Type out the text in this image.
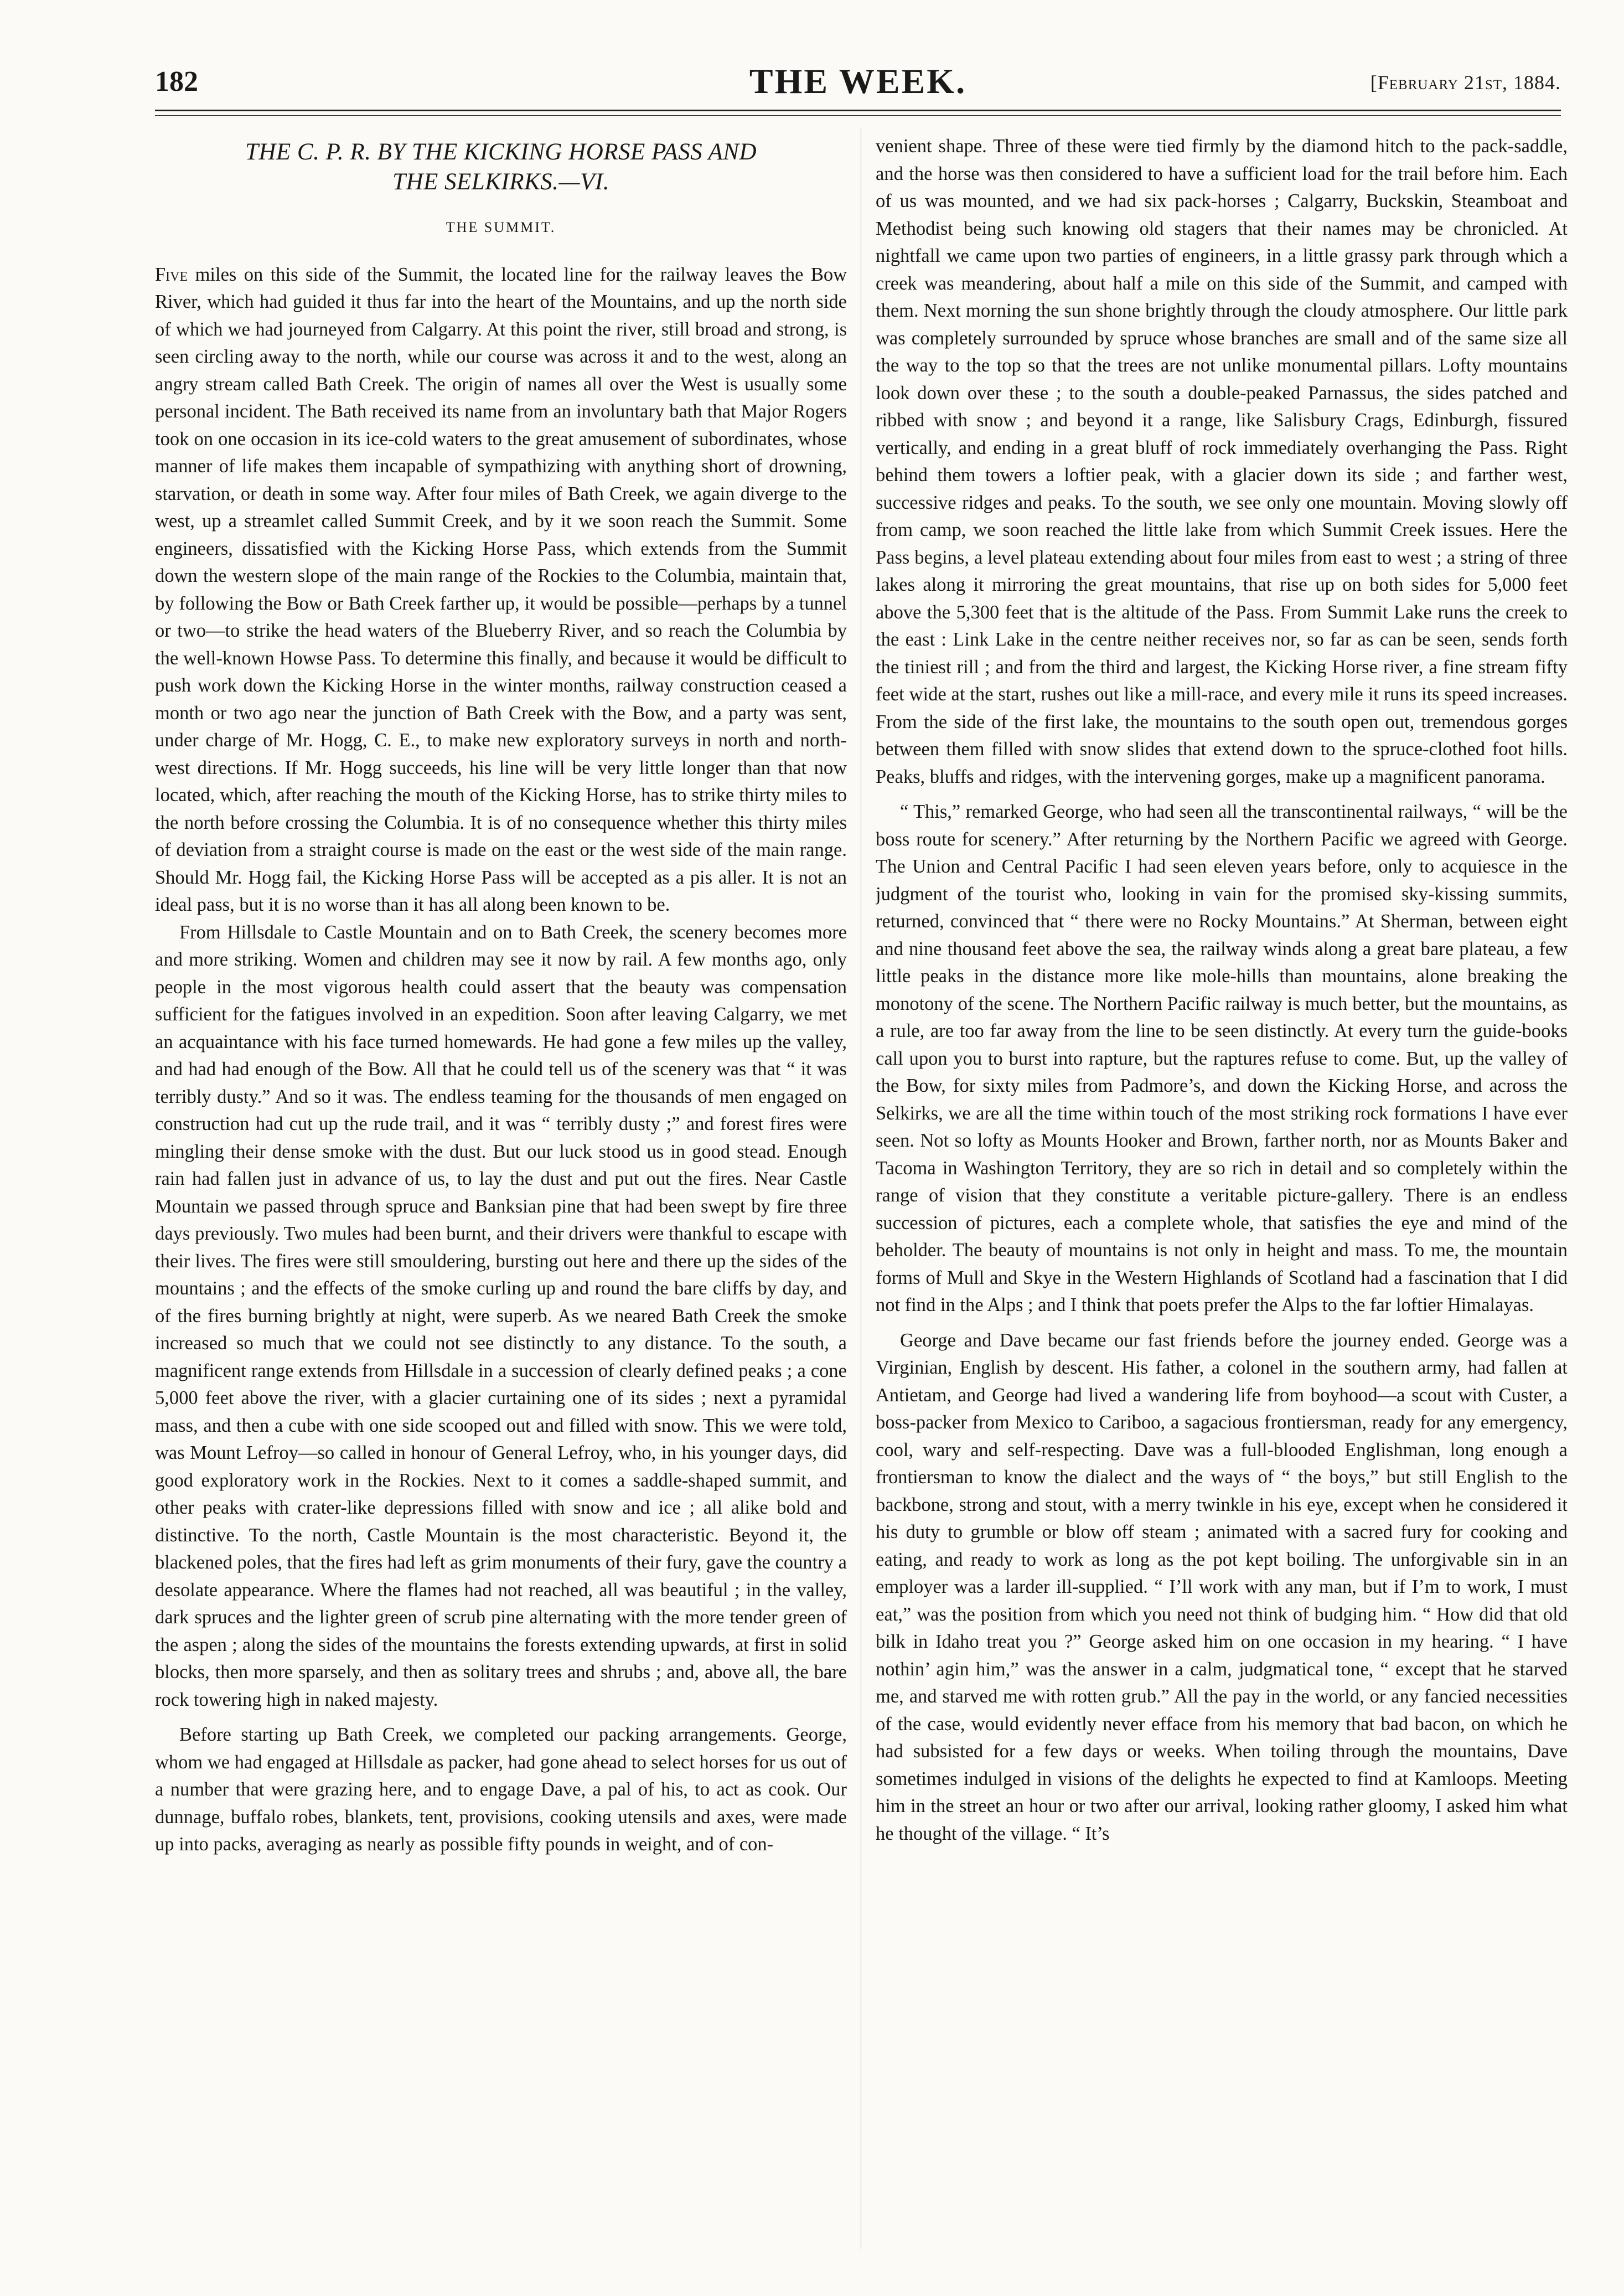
182	THE WEEK.	[February 21st, 1884.
THE C. P. R. BY THE KICKING HORSE PASS AND
THE SELKIRKS.—VI.
THE SUMMIT.

Five miles on this side of the Summit, the located line for the railway leaves the Bow River, which had guided it thus far into the heart of the Mountains, and up the north side of which we had journeyed from Calgarry. At this point the river, still broad and strong, is seen circling away to the north, while our course was across it and to the west, along an angry stream called Bath Creek. The origin of names all over the West is usually some personal incident. The Bath received its name from an involuntary bath that Major Rogers took on one occasion in its ice-cold waters to the great amusement of subordinates, whose manner of life makes them incapable of sympathizing with anything short of drowning, starvation, or death in some way. After four miles of Bath Creek, we again diverge to the west, up a streamlet called Summit Creek, and by it we soon reach the Summit. Some engineers, dissatisfied with the Kicking Horse Pass, which extends from the Summit down the western slope of the main range of the Rockies to the Columbia, maintain that, by following the Bow or Bath Creek farther up, it would be possible—perhaps by a tunnel or two—to strike the head waters of the Blueberry River, and so reach the Columbia by the well-known Howse Pass. To determine this finally, and because it would be difficult to push work down the Kicking Horse in the winter months, railway construction ceased a month or two ago near the junction of Bath Creek with the Bow, and a party was sent, under charge of Mr. Hogg, C. E., to make new exploratory surveys in north and north-west directions. If Mr. Hogg succeeds, his line will be very little longer than that now located, which, after reaching the mouth of the Kicking Horse, has to strike thirty miles to the north before crossing the Columbia. It is of no consequence whether this thirty miles of deviation from a straight course is made on the east or the west side of the main range. Should Mr. Hogg fail, the Kicking Horse Pass will be accepted as a pis aller. It is not an ideal pass, but it is no worse than it has all along been known to be.

From Hillsdale to Castle Mountain and on to Bath Creek, the scenery becomes more and more striking. Women and children may see it now by rail. A few months ago, only people in the most vigorous health could assert that the beauty was compensation sufficient for the fatigues involved in an expedition. Soon after leaving Calgarry, we met an acquaintance with his face turned homewards. He had gone a few miles up the valley, and had had enough of the Bow. All that he could tell us of the scenery was that “ it was terribly dusty.” And so it was. The endless teaming for the thousands of men engaged on construction had cut up the rude trail, and it was “ terribly dusty ;” and forest fires were mingling their dense smoke with the dust. But our luck stood us in good stead. Enough rain had fallen just in advance of us, to lay the dust and put out the fires. Near Castle Mountain we passed through spruce and Banksian pine that had been swept by fire three days previously. Two mules had been burnt, and their drivers were thankful to escape with their lives. The fires were still smouldering, bursting out here and there up the sides of the mountains ; and the effects of the smoke curling up and round the bare cliffs by day, and of the fires burning brightly at night, were superb. As we neared Bath Creek the smoke increased so much that we could not see distinctly to any distance. To the south, a magnificent range extends from Hillsdale in a succession of clearly defined peaks ; a cone 5,000 feet above the river, with a glacier curtaining one of its sides ; next a pyramidal mass, and then a cube with one side scooped out and filled with snow. This we were told, was Mount Lefroy—so called in honour of General Lefroy, who, in his younger days, did good exploratory work in the Rockies. Next to it comes a saddle-shaped summit, and other peaks with crater-like depressions filled with snow and ice ; all alike bold and distinctive. To the north, Castle Mountain is the most characteristic. Beyond it, the blackened poles, that the fires had left as grim monuments of their fury, gave the country a desolate appearance. Where the flames had not reached, all was beautiful ; in the valley, dark spruces and the lighter green of scrub pine alternating with the more tender green of the aspen ; along the sides of the mountains the forests extending upwards, at first in solid blocks, then more sparsely, and then as solitary trees and shrubs ; and, above all, the bare rock towering high in naked majesty.

Before starting up Bath Creek, we completed our packing arrangements. George, whom we had engaged at Hillsdale as packer, had gone ahead to select horses for us out of a number that were grazing here, and to engage Dave, a pal of his, to act as cook. Our dunnage, buffalo robes, blankets, tent, provisions, cooking utensils and axes, were made up into packs, averaging as nearly as possible fifty pounds in weight, and of con-

venient shape. Three of these were tied firmly by the diamond hitch to the pack-saddle, and the horse was then considered to have a sufficient load for the trail before him. Each of us was mounted, and we had six pack-horses ; Calgarry, Buckskin, Steamboat and Methodist being such knowing old stagers that their names may be chronicled. At nightfall we came upon two parties of engineers, in a little grassy park through which a creek was meandering, about half a mile on this side of the Summit, and camped with them. Next morning the sun shone brightly through the cloudy atmosphere. Our little park was completely surrounded by spruce whose branches are small and of the same size all the way to the top so that the trees are not unlike monumental pillars. Lofty mountains look down over these ; to the south a double-peaked Parnassus, the sides patched and ribbed with snow ; and beyond it a range, like Salisbury Crags, Edinburgh, fissured vertically, and ending in a great bluff of rock immediately overhanging the Pass. Right behind them towers a loftier peak, with a glacier down its side ; and farther west, successive ridges and peaks. To the south, we see only one mountain. Moving slowly off from camp, we soon reached the little lake from which Summit Creek issues. Here the Pass begins, a level plateau extending about four miles from east to west ; a string of three lakes along it mirroring the great mountains, that rise up on both sides for 5,000 feet above the 5,300 feet that is the altitude of the Pass. From Summit Lake runs the creek to the east : Link Lake in the centre neither receives nor, so far as can be seen, sends forth the tiniest rill ; and from the third and largest, the Kicking Horse river, a fine stream fifty feet wide at the start, rushes out like a mill-race, and every mile it runs its speed increases. From the side of the first lake, the mountains to the south open out, tremendous gorges between them filled with snow slides that extend down to the spruce-clothed foot hills. Peaks, bluffs and ridges, with the intervening gorges, make up a magnificent panorama.

“ This,” remarked George, who had seen all the transcontinental railways, “ will be the boss route for scenery.” After returning by the Northern Pacific we agreed with George. The Union and Central Pacific I had seen eleven years before, only to acquiesce in the judgment of the tourist who, looking in vain for the promised sky-kissing summits, returned, convinced that “ there were no Rocky Mountains.” At Sherman, between eight and nine thousand feet above the sea, the railway winds along a great bare plateau, a few little peaks in the distance more like mole-hills than mountains, alone breaking the monotony of the scene. The Northern Pacific railway is much better, but the mountains, as a rule, are too far away from the line to be seen distinctly. At every turn the guide-books call upon you to burst into rapture, but the raptures refuse to come. But, up the valley of the Bow, for sixty miles from Padmore’s, and down the Kicking Horse, and across the Selkirks, we are all the time within touch of the most striking rock formations I have ever seen. Not so lofty as Mounts Hooker and Brown, farther north, nor as Mounts Baker and Tacoma in Washington Territory, they are so rich in detail and so completely within the range of vision that they constitute a veritable picture-gallery. There is an endless succession of pictures, each a complete whole, that satisfies the eye and mind of the beholder. The beauty of mountains is not only in height and mass. To me, the mountain forms of Mull and Skye in the Western Highlands of Scotland had a fascination that I did not find in the Alps ; and I think that poets prefer the Alps to the far loftier Himalayas.

George and Dave became our fast friends before the journey ended. George was a Virginian, English by descent. His father, a colonel in the southern army, had fallen at Antietam, and George had lived a wandering life from boyhood—a scout with Custer, a boss-packer from Mexico to Cariboo, a sagacious frontiersman, ready for any emergency, cool, wary and self-respecting. Dave was a full-blooded Englishman, long enough a frontiersman to know the dialect and the ways of “ the boys,” but still English to the backbone, strong and stout, with a merry twinkle in his eye, except when he considered it his duty to grumble or blow off steam ; animated with a sacred fury for cooking and eating, and ready to work as long as the pot kept boiling. The unforgivable sin in an employer was a larder ill-supplied. “ I’ll work with any man, but if I’m to work, I must eat,” was the position from which you need not think of budging him. “ How did that old bilk in Idaho treat you ?” George asked him on one occasion in my hearing. “ I have nothin’ agin him,” was the answer in a calm, judgmatical tone, “ except that he starved me, and starved me with rotten grub.” All the pay in the world, or any fancied necessities of the case, would evidently never efface from his memory that bad bacon, on which he had subsisted for a few days or weeks. When toiling through the mountains, Dave sometimes indulged in visions of the delights he expected to find at Kamloops. Meeting him in the street an hour or two after our arrival, looking rather gloomy, I asked him what he thought of the village. “ It’s
